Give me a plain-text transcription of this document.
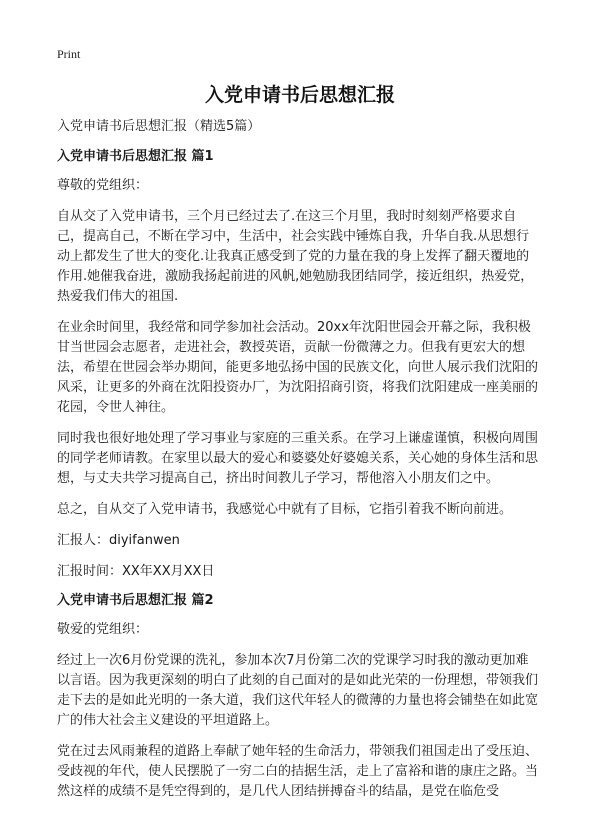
Print
入党申请书后思想汇报

入党申请书后思想汇报（精选5篇）

入党申请书后思想汇报 篇1

尊敬的党组织：

自从交了入党申请书，三个月已经过去了.在这三个月里，我时时刻刻严格要求自己，提高自己，不断在学习中，生活中，社会实践中锤炼自我，升华自我.从思想行动上都发生了世大的变化.让我真正感受到了党的力量在我的身上发挥了翻天覆地的作用.她催我奋进，激励我扬起前进的风帆,她勉励我团结同学，接近组织，热爱党，热爱我们伟大的祖国.

在业余时间里，我经常和同学参加社会活动。20xx年沈阳世园会开幕之际，我积极甘当世园会志愿者，走进社会，教授英语，贡献一份微薄之力。但我有更宏大的想法，希望在世园会举办期间，能更多地弘扬中国的民族文化，向世人展示我们沈阳的风采，让更多的外商在沈阳投资办厂，为沈阳招商引资，将我们沈阳建成一座美丽的花园，令世人神往。

同时我也很好地处理了学习事业与家庭的三重关系。在学习上谦虚谨慎，积极向周围的同学老师请教。在家里以最大的爱心和婆婆处好婆媳关系，关心她的身体生活和思想，与丈夫共学习提高自己，挤出时间教儿子学习，帮他溶入小朋友们之中。

总之，自从交了入党申请书，我感觉心中就有了目标，它指引着我不断向前进。

汇报人：diyifanwen

汇报时间：XX年XX月XX日

入党申请书后思想汇报 篇2

敬爱的党组织：

经过上一次6月份党课的洗礼，参加本次7月份第二次的党课学习时我的激动更加难以言语。因为我更深刻的明白了此刻的自己面对的是如此光荣的一份理想，带领我们走下去的是如此光明的一条大道，我们这代年轻人的微薄的力量也将会铺垫在如此宽广的伟大社会主义建设的平坦道路上。

党在过去风雨兼程的道路上奉献了她年轻的生命活力，带领我们祖国走出了受压迫、受歧视的年代，使人民摆脱了一穷二白的拮据生活，走上了富裕和谐的康庄之路。当然这样的成绩不是凭空得到的，是几代人团结拼搏奋斗的结晶，是党在临危受
